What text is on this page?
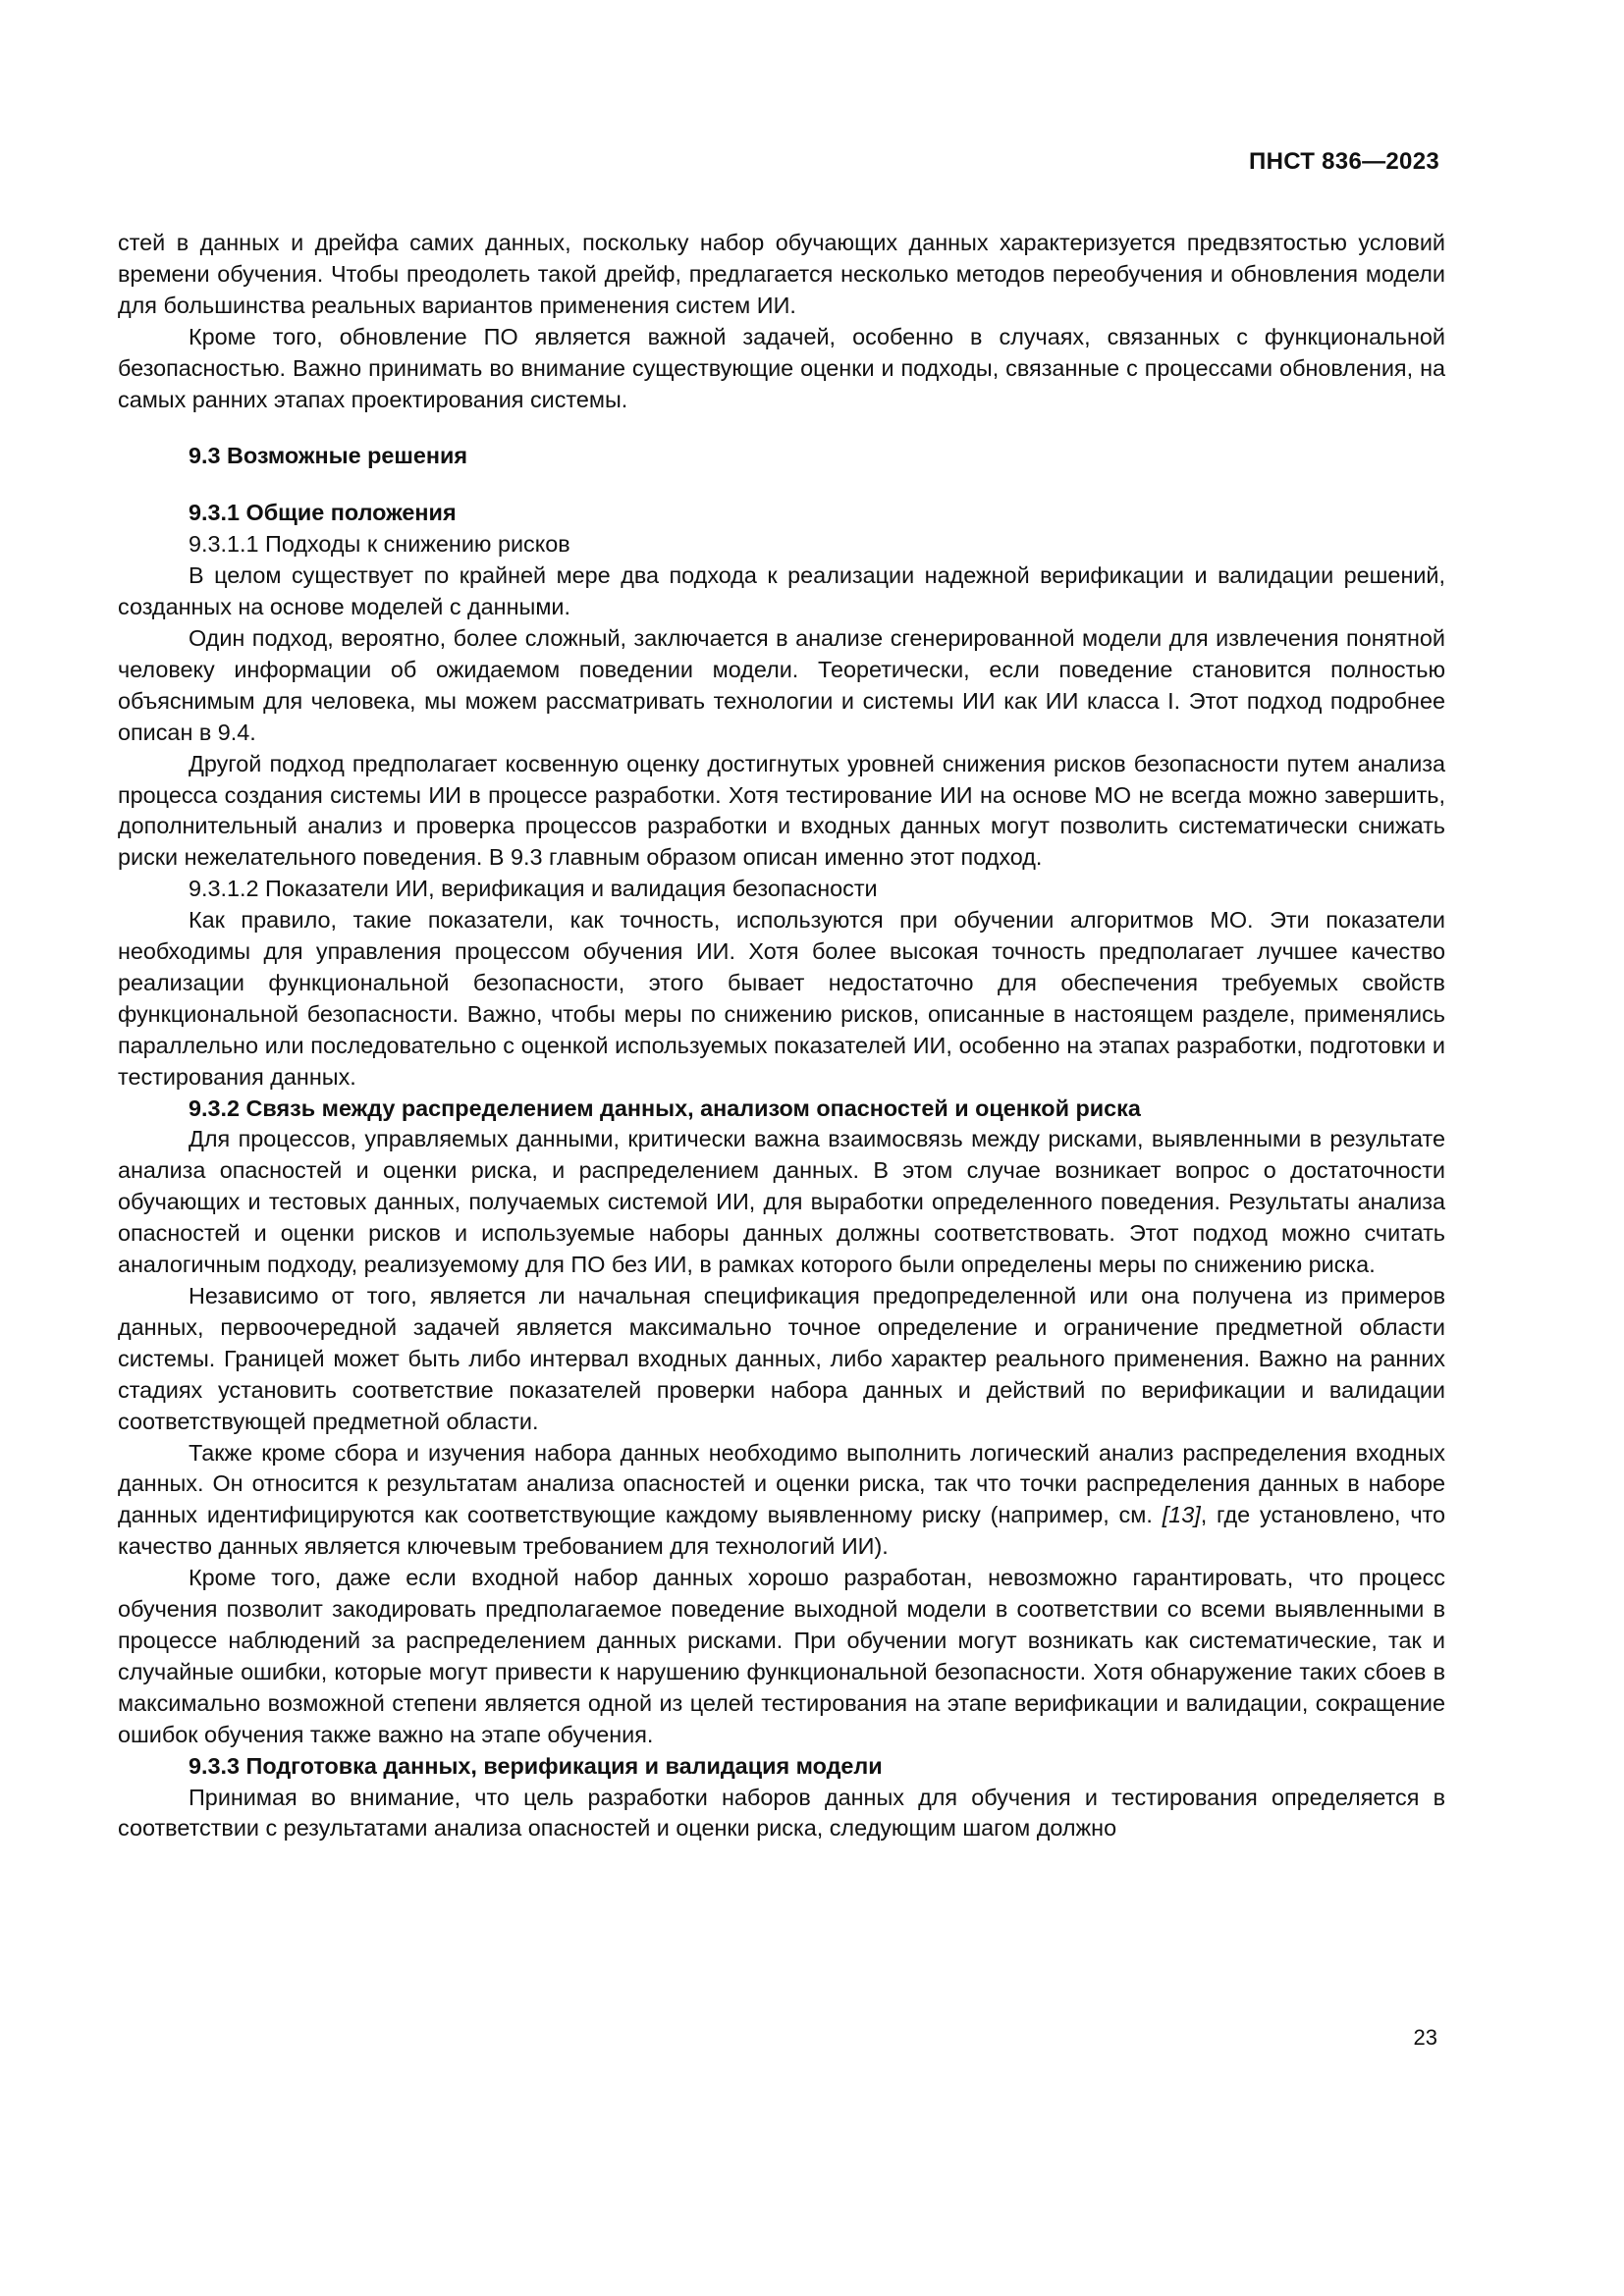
ПНСТ 836—2023

стей в данных и дрейфа самих данных, поскольку набор обучающих данных характеризуется предвзятостью условий времени обучения. Чтобы преодолеть такой дрейф, предлагается несколько методов переобучения и обновления модели для большинства реальных вариантов применения систем ИИ.

Кроме того, обновление ПО является важной задачей, особенно в случаях, связанных с функциональной безопасностью. Важно принимать во внимание существующие оценки и подходы, связанные с процессами обновления, на самых ранних этапах проектирования системы.

9.3 Возможные решения

9.3.1 Общие положения

9.3.1.1 Подходы к снижению рисков

В целом существует по крайней мере два подхода к реализации надежной верификации и валидации решений, созданных на основе моделей с данными.

Один подход, вероятно, более сложный, заключается в анализе сгенерированной модели для извлечения понятной человеку информации об ожидаемом поведении модели. Теоретически, если поведение становится полностью объяснимым для человека, мы можем рассматривать технологии и системы ИИ как ИИ класса I. Этот подход подробнее описан в 9.4.

Другой подход предполагает косвенную оценку достигнутых уровней снижения рисков безопасности путем анализа процесса создания системы ИИ в процессе разработки. Хотя тестирование ИИ на основе МО не всегда можно завершить, дополнительный анализ и проверка процессов разработки и входных данных могут позволить систематически снижать риски нежелательного поведения. В 9.3 главным образом описан именно этот подход.

9.3.1.2 Показатели ИИ, верификация и валидация безопасности

Как правило, такие показатели, как точность, используются при обучении алгоритмов МО. Эти показатели необходимы для управления процессом обучения ИИ. Хотя более высокая точность предполагает лучшее качество реализации функциональной безопасности, этого бывает недостаточно для обеспечения требуемых свойств функциональной безопасности. Важно, чтобы меры по снижению рисков, описанные в настоящем разделе, применялись параллельно или последовательно с оценкой используемых показателей ИИ, особенно на этапах разработки, подготовки и тестирования данных.

9.3.2 Связь между распределением данных, анализом опасностей и оценкой риска

Для процессов, управляемых данными, критически важна взаимосвязь между рисками, выявленными в результате анализа опасностей и оценки риска, и распределением данных. В этом случае возникает вопрос о достаточности обучающих и тестовых данных, получаемых системой ИИ, для выработки определенного поведения. Результаты анализа опасностей и оценки рисков и используемые наборы данных должны соответствовать. Этот подход можно считать аналогичным подходу, реализуемому для ПО без ИИ, в рамках которого были определены меры по снижению риска.

Независимо от того, является ли начальная спецификация предопределенной или она получена из примеров данных, первоочередной задачей является максимально точное определение и ограничение предметной области системы. Границей может быть либо интервал входных данных, либо характер реального применения. Важно на ранних стадиях установить соответствие показателей проверки набора данных и действий по верификации и валидации соответствующей предметной области.

Также кроме сбора и изучения набора данных необходимо выполнить логический анализ распределения входных данных. Он относится к результатам анализа опасностей и оценки риска, так что точки распределения данных в наборе данных идентифицируются как соответствующие каждому выявленному риску (например, см. [13], где установлено, что качество данных является ключевым требованием для технологий ИИ).

Кроме того, даже если входной набор данных хорошо разработан, невозможно гарантировать, что процесс обучения позволит закодировать предполагаемое поведение выходной модели в соответствии со всеми выявленными в процессе наблюдений за распределением данных рисками. При обучении могут возникать как систематические, так и случайные ошибки, которые могут привести к нарушению функциональной безопасности. Хотя обнаружение таких сбоев в максимально возможной степени является одной из целей тестирования на этапе верификации и валидации, сокращение ошибок обучения также важно на этапе обучения.

9.3.3 Подготовка данных, верификация и валидация модели

Принимая во внимание, что цель разработки наборов данных для обучения и тестирования определяется в соответствии с результатами анализа опасностей и оценки риска, следующим шагом должно

23
